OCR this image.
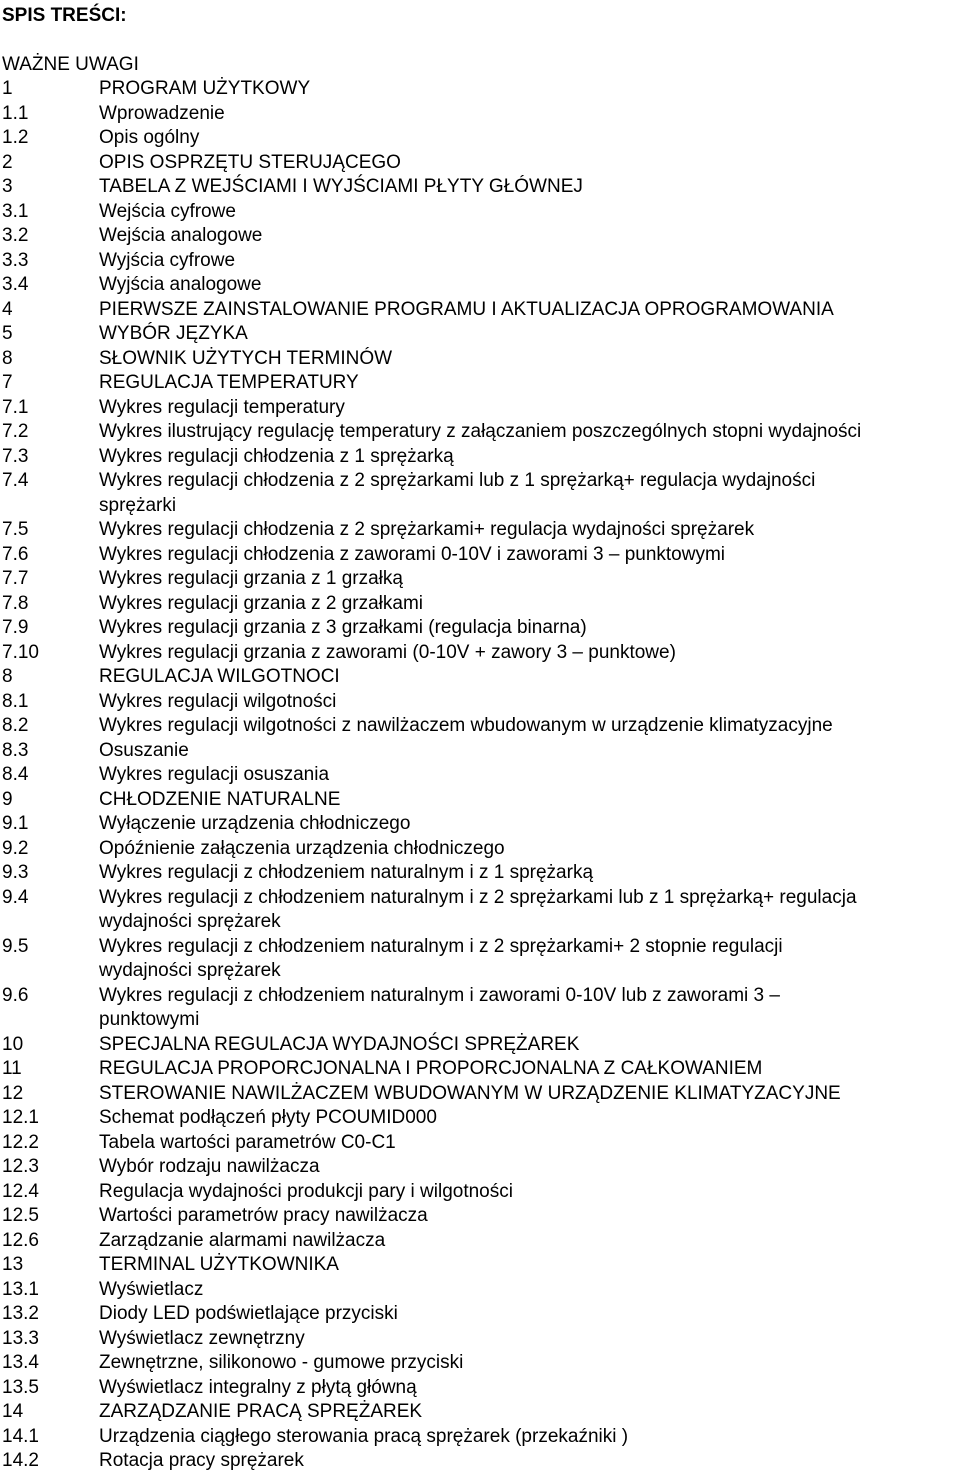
SPIS TREŚCI:
WAŻNE UWAGI
1	PROGRAM UŻYTKOWY
1.1	Wprowadzenie
1.2	Opis ogólny
2	OPIS OSPRZĘTU STERUJĄCEGO
3	TABELA Z WEJŚCIAMI I WYJŚCIAMI PŁYTY GŁÓWNEJ
3.1	Wejścia cyfrowe
3.2	Wejścia analogowe
3.3	Wyjścia cyfrowe
3.4	Wyjścia analogowe
4	PIERWSZE ZAINSTALOWANIE PROGRAMU I AKTUALIZACJA OPROGRAMOWANIA
5	WYBÓR JĘZYKA
8	SŁOWNIK UŻYTYCH TERMINÓW
7	REGULACJA TEMPERATURY
7.1	Wykres regulacji temperatury
7.2	Wykres ilustrujący regulację temperatury z załączaniem poszczególnych stopni wydajności
7.3	Wykres regulacji chłodzenia z 1 sprężarką
7.4	Wykres regulacji chłodzenia z 2 sprężarkami lub z 1 sprężarką+ regulacja wydajności
sprężarki
7.5	Wykres regulacji chłodzenia z 2 sprężarkami+ regulacja wydajności sprężarek
7.6	Wykres regulacji chłodzenia z zaworami 0-10V i zaworami 3 – punktowymi
7.7	Wykres regulacji grzania z 1 grzałką
7.8	Wykres regulacji grzania z 2 grzałkami
7.9	Wykres regulacji grzania z 3 grzałkami (regulacja binarna)
7.10	Wykres regulacji grzania z zaworami (0-10V + zawory 3 – punktowe)
8	REGULACJA WILGOTNOCI
8.1	Wykres regulacji wilgotności
8.2	Wykres regulacji wilgotności z nawilżaczem wbudowanym w urządzenie klimatyzacyjne
8.3	Osuszanie
8.4	Wykres regulacji osuszania
9	CHŁODZENIE NATURALNE
9.1	Wyłączenie urządzenia chłodniczego
9.2	Opóźnienie załączenia urządzenia chłodniczego
9.3	Wykres regulacji z chłodzeniem naturalnym i z 1 sprężarką
9.4	Wykres regulacji z chłodzeniem naturalnym i z 2 sprężarkami lub z 1 sprężarką+ regulacja
wydajności sprężarek
9.5	Wykres regulacji z chłodzeniem naturalnym i z 2 sprężarkami+ 2 stopnie regulacji
wydajności sprężarek
9.6	Wykres regulacji z chłodzeniem naturalnym i zaworami 0-10V lub z zaworami 3 –
punktowymi
10	SPECJALNA REGULACJA WYDAJNOŚCI SPRĘŻAREK
11	REGULACJA PROPORCJONALNA I PROPORCJONALNA Z CAŁKOWANIEM
12	STEROWANIE NAWILŻACZEM WBUDOWANYM W URZĄDZENIE KLIMATYZACYJNE
12.1	Schemat podłączeń płyty PCOUMID000
12.2	Tabela wartości parametrów C0-C1
12.3	Wybór rodzaju nawilżacza
12.4	Regulacja wydajności produkcji pary i wilgotności
12.5	Wartości parametrów pracy nawilżacza
12.6	Zarządzanie alarmami nawilżacza
13	TERMINAL UŻYTKOWNIKA
13.1	Wyświetlacz
13.2	Diody LED podświetlające przyciski
13.3	Wyświetlacz zewnętrzny
13.4	Zewnętrzne, silikonowo - gumowe przyciski
13.5	Wyświetlacz integralny z płytą główną
14	ZARZĄDZANIE PRACĄ SPRĘŻAREK
14.1	Urządzenia ciągłego sterowania pracą sprężarek (przekaźniki )
14.2	Rotacja pracy sprężarek
